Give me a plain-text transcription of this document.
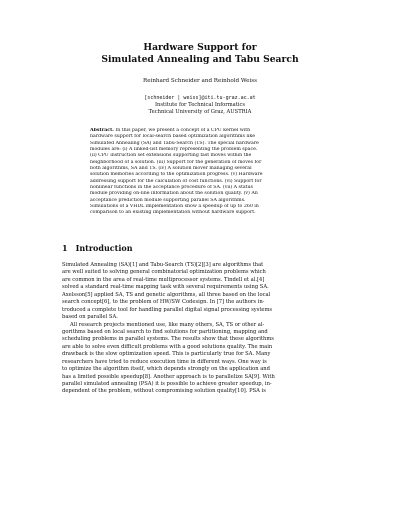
Hardware Support for
Simulated Annealing and Tabu Search

Reinhard Schneider and Reinhold Weiss

[schneider | weiss]@iti.tu-graz.ac.at

Institute for Technical Informatics

Technical University of Graz, AUSTRIA

Abstract. In this paper, we present a concept of a CPU kernel with
hardware support for local-search based optimization algorithms like
Simulated Annealing (SA) and Tabu-Search (TS). The special hardware
modules are: (i) A linked-list memory representing the problem space.
(ii) CPU instruction set extensions supporting fast moves within the
neighborhood of a solution. (iii) Support for the generation of moves for
both algorithms, SA and TS. (iv) A solution mover managing several
solution memories according to the optimization progress. (v) Hardware
addressing support for the calculation of cost functions. (vi) Support for
nonlinear functions in the acceptance procedure of SA. (vii) A status
module providing on-line information about the solution quality. (v) An
acceptance prediction module supporting parallel SA algorithms.
Simulations of a VHDL implementation show a speedup of up to 260 in
comparison to an existing implementation without hardware support.
1 Introduction
Simulated Annealing (SA)[1] and Tabu-Search (TS)[2][3] are algorithms that
are well suited to solving general combinatorial optimization problems which
are common in the area of real-time multiprocessor systems. Tindell et al.[4]
solved a standard real-time mapping task with several requirements using SA.
Axelsson[5] applied SA, TS and genetic algorithms, all three based on the local
search concept[6], to the problem of HW/SW Codesign. In [7] the authors in-
troduced a complete tool for handling parallel digital signal processing systems
based on parallel SA.
All research projects mentioned use, like many others, SA, TS or other al-
gorithms based on local search to find solutions for partitioning, mapping and
scheduling problems in parallel systems. The results show that these algorithms
are able to solve even difficult problems with a good solutions quality. The main
drawback is the slow optimization speed. This is particularly true for SA. Many
researchers have tried to reduce execution time in different ways. One way is
to optimize the algorithm itself, which depends strongly on the application and
has a limited possible speedup[8]. Another approach is to parallelize SA[9]. With
parallel simulated annealing (PSA) it is possible to achieve greater speedup, in-
dependent of the problem, without compromising solution quality[10]. PSA is
